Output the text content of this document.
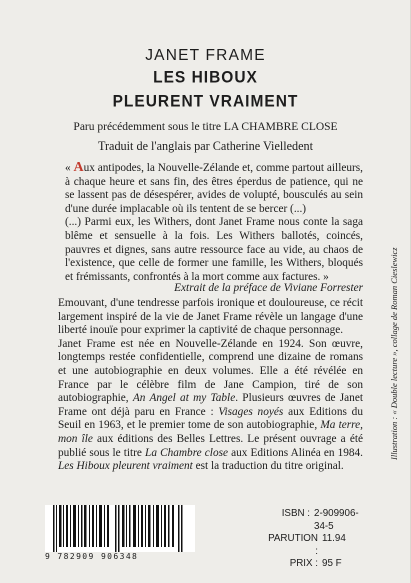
JANET FRAME
LES HIBOUX
PLEURENT VRAIMENT
Paru précédemment sous le titre LA CHAMBRE CLOSE
Traduit de l'anglais par Catherine Vielledent

« Aux antipodes, la Nouvelle-Zélande et, comme partout ailleurs, à chaque heure et sans fin, des êtres éperdus de patience, qui ne se lassent pas de désespérer, avides de volupté, bousculés au sein d'une durée implacable où ils tentent de se bercer (...)

(...) Parmi eux, les Withers, dont Janet Frame nous conte la saga blême et sensuelle à la fois. Les Withers ballotés, coincés, pauvres et dignes, sans autre ressource face au vide, au chaos de l'existence, que celle de former une famille, les Withers, bloqués et frémissants, confrontés à la mort comme aux factures. »

Extrait de la préface de Viviane Forrester

Emouvant, d'une tendresse parfois ironique et douloureuse, ce récit largement inspiré de la vie de Janet Frame révèle un langage d'une liberté inouïe pour exprimer la captivité de chaque personnage.

Janet Frame est née en Nouvelle-Zélande en 1924. Son œuvre, longtemps restée confidentielle, comprend une dizaine de romans et une autobiographie en deux volumes. Elle a été révélée en France par le célèbre film de Jane Campion, tiré de son autobiographie, An Angel at my Table. Plusieurs œuvres de Janet Frame ont déjà paru en France : Visages noyés aux Editions du Seuil en 1963, et le premier tome de son autobiographie, Ma terre, mon île aux éditions des Belles Lettres. Le présent ouvrage a été publié sous le titre La Chambre close aux Editions Alinéa en 1984. Les Hiboux pleurent vraiment est la traduction du titre original.

9 782909 906348
ISBN : 2-909906-34-5
PARUTION :
11.94
PRIX : 95 F
Illustration : « Double lecture », collage de Roman Cieslewicz
